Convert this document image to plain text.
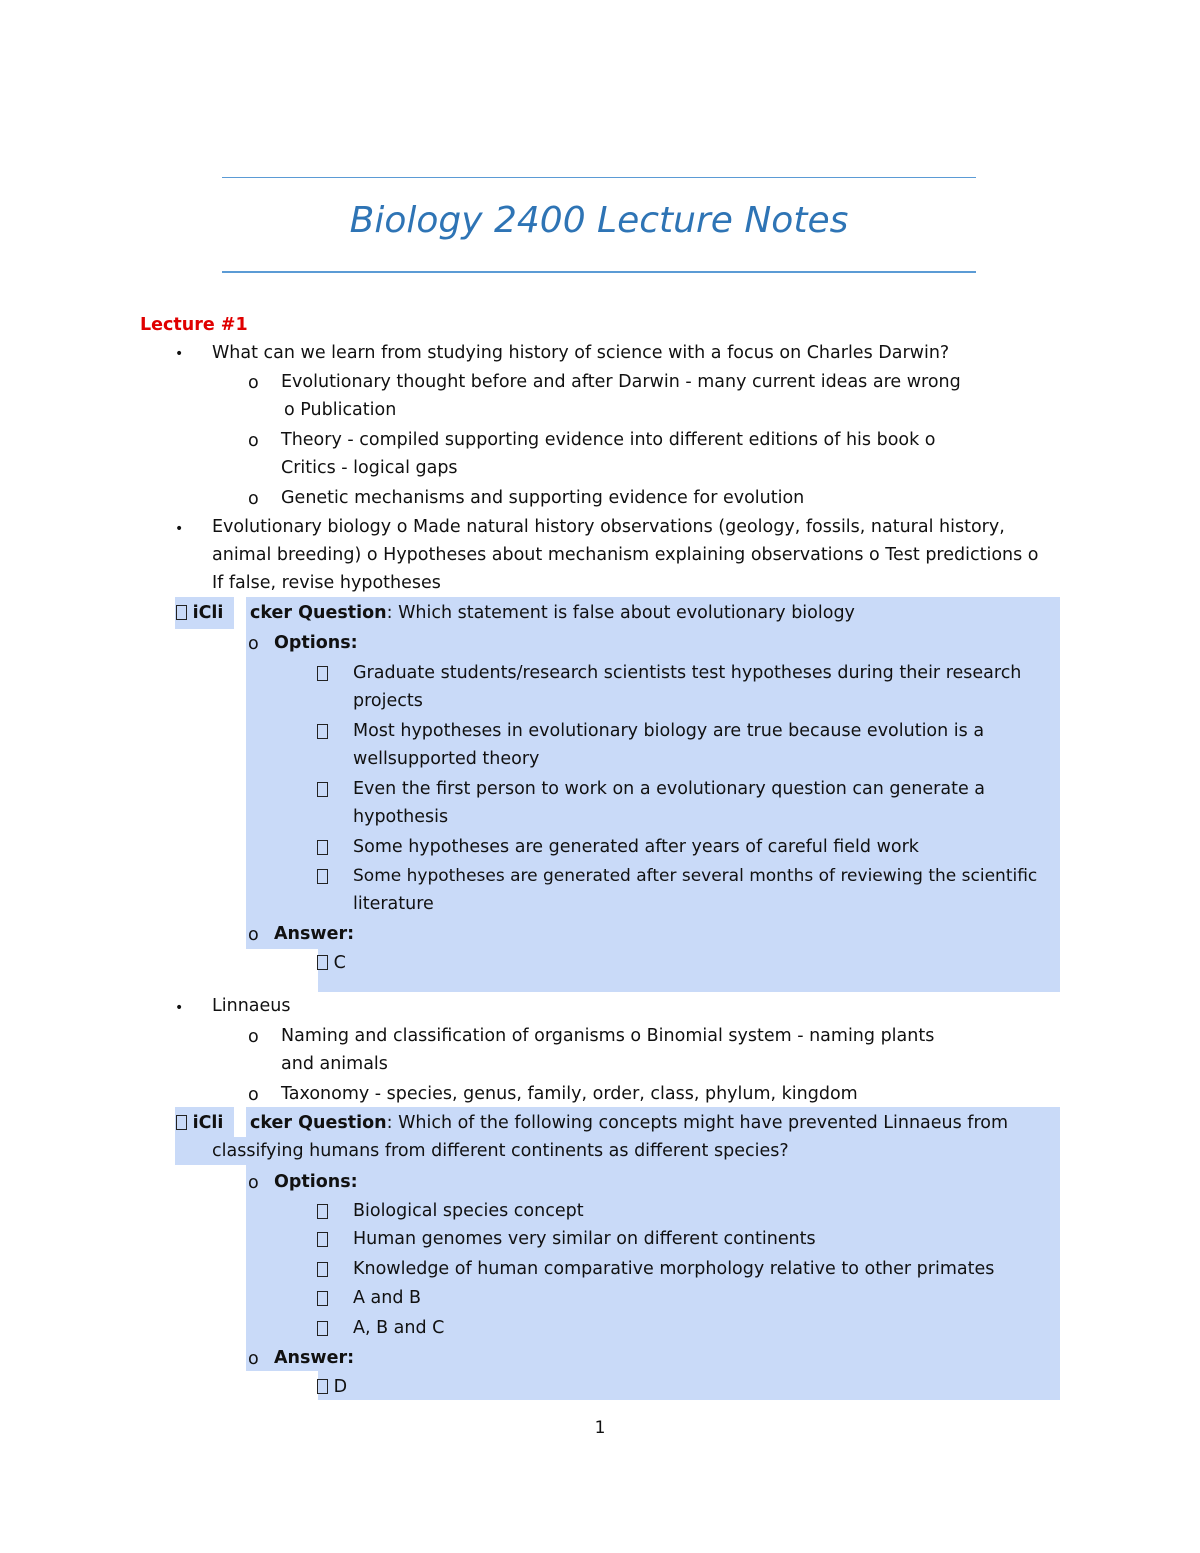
Biology 2400 Lecture Notes
Lecture #1
• What can we learn from studying history of science with a focus on Charles Darwin?
o Evolutionary thought before and after Darwin - many current ideas are wrong
o Publication
o Theory - compiled supporting evidence into different editions of his book o
Critics - logical gaps
o Genetic mechanisms and supporting evidence for evolution
• Evolutionary biology o Made natural history observations (geology, fossils, natural history,
animal breeding) o Hypotheses about mechanism explaining observations o Test predictions o
If false, revise hypotheses
iCli cker Question: Which statement is false about evolutionary biology
o Options:
Graduate students/research scientists test hypotheses during their research
projects
Most hypotheses in evolutionary biology are true because evolution is a
wellsupported theory
Even the first person to work on a evolutionary question can generate a
hypothesis
Some hypotheses are generated after years of careful field work
Some hypotheses are generated after several months of reviewing the scientific
literature
o Answer:
C
• Linnaeus
o Naming and classification of organisms o Binomial system - naming plants
and animals
o Taxonomy - species, genus, family, order, class, phylum, kingdom
iCli cker Question: Which of the following concepts might have prevented Linnaeus from
classifying humans from different continents as different species?
o Options:
Biological species concept
Human genomes very similar on different continents
Knowledge of human comparative morphology relative to other primates
A and B
A, B and C
o Answer:
D
1
